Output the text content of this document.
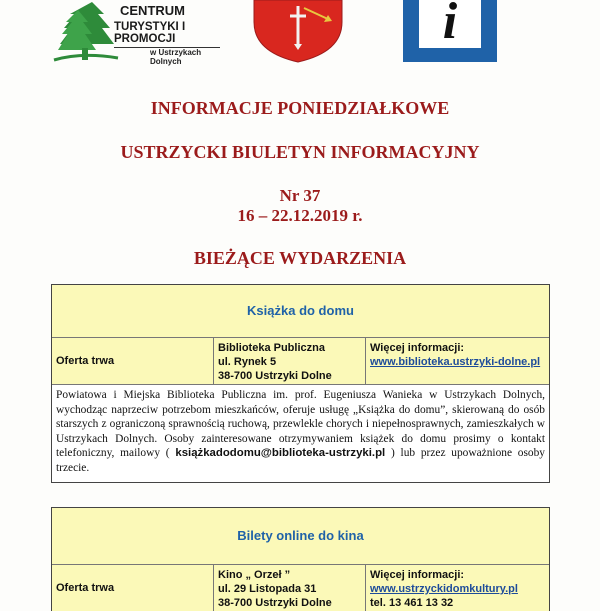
CENTRUM
TURYSTYKI I PROMOCJI
w Ustrzykach Dolnych
i
INFORMACJE PONIEDZIAŁKOWE
USTRZYCKI BIULETYN INFORMACYJNY
Nr 37
16 – 22.12.2019 r.
BIEŻĄCE WYDARZENIA
Książka do domu
Oferta trwa
Biblioteka Publiczna
ul. Rynek 5
38-700 Ustrzyki Dolne
Więcej informacji:
www.biblioteka.ustrzyki-dolne.pl
Powiatowa i Miejska Biblioteka Publiczna im. prof. Eugeniusza Wanieka w Ustrzykach Dolnych, wychodząc naprzeciw potrzebom mieszkańców, oferuje usługę „Książka do domu”, skierowaną do osób starszych z ograniczoną sprawnością ruchową, przewlekle chorych i niepełnosprawnych, zamieszkałych w Ustrzykach Dolnych. Osoby zainteresowane otrzymywaniem książek do domu prosimy o kontakt telefoniczny, mailowy ( książkadodomu@biblioteka-ustrzyki.pl ) lub przez upoważnione osoby trzecie.
Bilety online do kina
Oferta trwa
Kino „ Orzeł ”
ul. 29 Listopada 31
38-700 Ustrzyki Dolne
Więcej informacji:
www.ustrzyckidomkultury.pl
tel. 13 461 13 32
